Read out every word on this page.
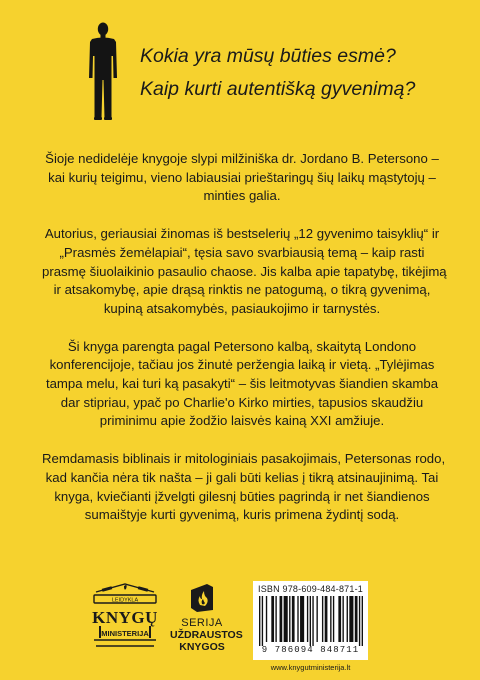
Kokia yra mūsų būties esmė?
Kaip kurti autentišką gyvenimą?

Šioje nedidelėje knygoje slypi milžiniška dr. Jordano B. Petersono –
kai kurių teigimu, vieno labiausiai prieštaringų šių laikų mąstytojų –
minties galia.

Autorius, geriausiai žinomas iš bestselerių „12 gyvenimo taisyklių“ ir
„Prasmės žemėlapiai“, tęsia savo svarbiausią temą – kaip rasti
prasmę šiuolaikinio pasaulio chaose. Jis kalba apie tapatybę, tikėjimą
ir atsakomybę, apie drąsą rinktis ne patogumą, o tikrą gyvenimą,
kupiną atsakomybės, pasiaukojimo ir tarnystės.

Ši knyga parengta pagal Petersono kalbą, skaitytą Londono
konferencijoje, tačiau jos žinutė peržengia laiką ir vietą. „Tylėjimas
tampa melu, kai turi ką pasakyti“ – šis leitmotyvas šiandien skamba
dar stipriau, ypač po Charlie'o Kirko mirties, tapusios skaudžiu
priminimu apie žodžio laisvės kainą XXI amžiuje.

Remdamasis biblinais ir mitologiniais pasakojimais, Petersonas rodo,
kad kančia nėra tik našta – ji gali būti kelias į tikrą atsinaujinimą. Tai
knyga, kviečianti įžvelgti gilesnį būties pagrindą ir net šiandienos
sumaištyje kurti gyvenimą, kuris primena žydintį sodą.

LEIDYKLA
KNYGŲ
MINISTERIJA
SERIJA
UŽDRAUSTOS
KNYGOS
ISBN 978-609-484-871-1
9 786094 848711
www.knygutministerija.lt
